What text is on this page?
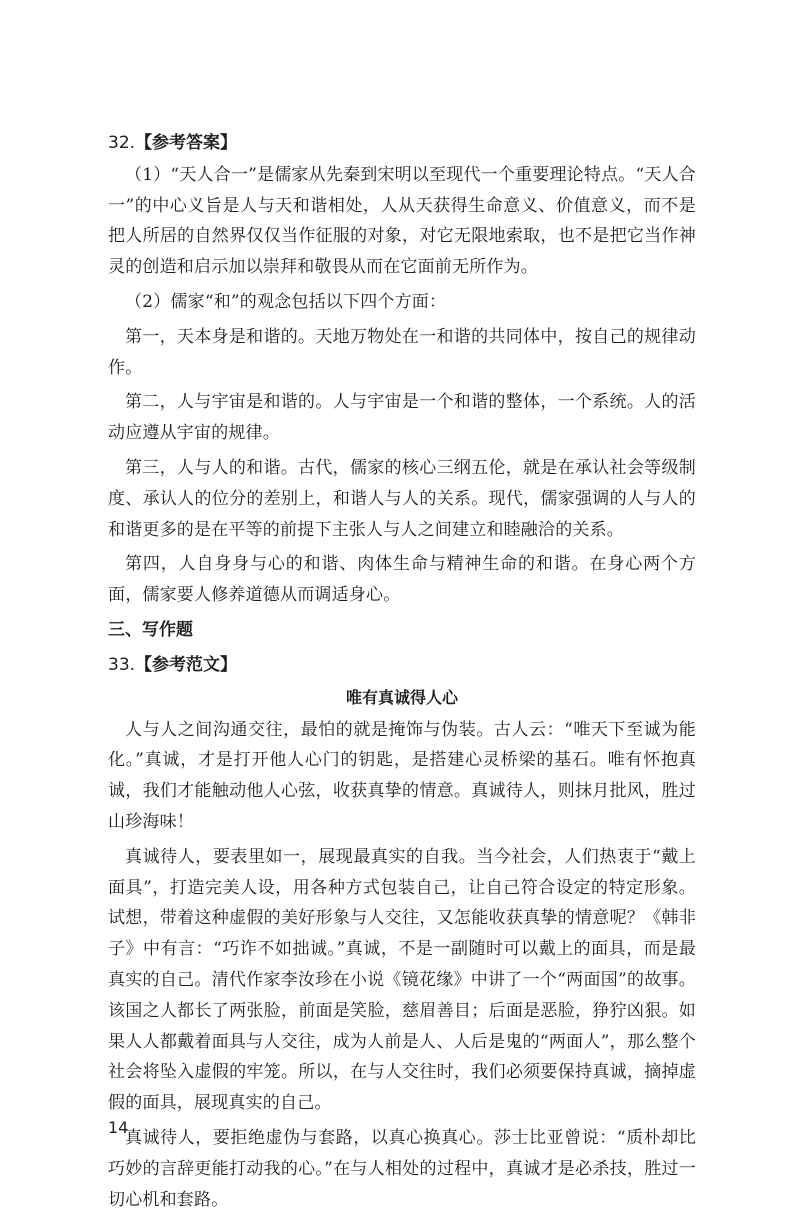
32.【参考答案】

（1）“天人合一”是儒家从先秦到宋明以至现代一个重要理论特点。“天人合一”的中心义旨是人与天和谐相处，人从天获得生命意义、价值意义，而不是把人所居的自然界仅仅当作征服的对象，对它无限地索取，也不是把它当作神灵的创造和启示加以崇拜和敬畏从而在它面前无所作为。

（2）儒家“和”的观念包括以下四个方面：

第一，天本身是和谐的。天地万物处在一和谐的共同体中，按自己的规律动作。

第二，人与宇宙是和谐的。人与宇宙是一个和谐的整体，一个系统。人的活动应遵从宇宙的规律。

第三，人与人的和谐。古代，儒家的核心三纲五伦，就是在承认社会等级制度、承认人的位分的差别上，和谐人与人的关系。现代，儒家强调的人与人的和谐更多的是在平等的前提下主张人与人之间建立和睦融洽的关系。

第四，人自身身与心的和谐、肉体生命与精神生命的和谐。在身心两个方面，儒家要人修养道德从而调适身心。

三、写作题
33.【参考范文】
唯有真诚得人心

人与人之间沟通交往，最怕的就是掩饰与伪装。古人云：“唯天下至诚为能化。”真诚，才是打开他人心门的钥匙，是搭建心灵桥梁的基石。唯有怀抱真诚，我们才能触动他人心弦，收获真挚的情意。真诚待人，则抹月批风，胜过山珍海味！

真诚待人，要表里如一，展现最真实的自我。当今社会，人们热衷于“戴上面具”，打造完美人设，用各种方式包装自己，让自己符合设定的特定形象。试想，带着这种虚假的美好形象与人交往，又怎能收获真挚的情意呢？《韩非子》中有言：“巧诈不如拙诚。”真诚，不是一副随时可以戴上的面具，而是最真实的自己。清代作家李汝珍在小说《镜花缘》中讲了一个“两面国”的故事。该国之人都长了两张脸，前面是笑脸，慈眉善目；后面是恶脸，狰狞凶狠。如果人人都戴着面具与人交往，成为人前是人、人后是鬼的“两面人”，那么整个社会将坠入虚假的牢笼。所以，在与人交往时，我们必须要保持真诚，摘掉虚假的面具，展现真实的自己。

真诚待人，要拒绝虚伪与套路，以真心换真心。莎士比亚曾说：“质朴却比巧妙的言辞更能打动我的心。”在与人相处的过程中，真诚才是必杀技，胜过一切心机和套路。

14
